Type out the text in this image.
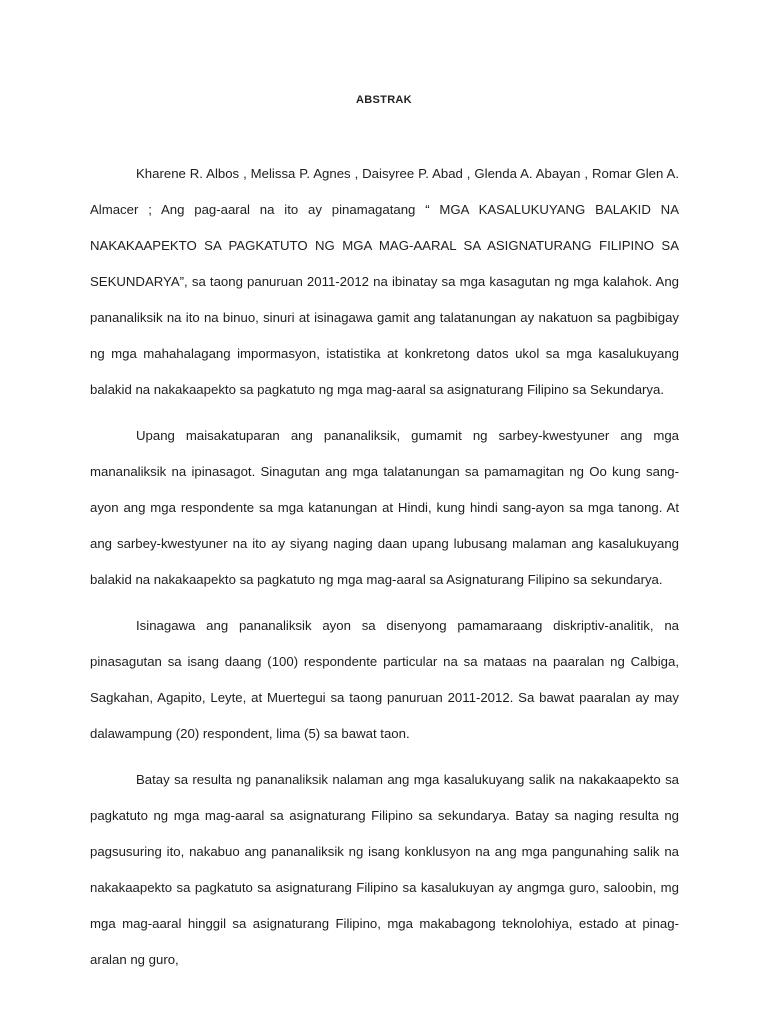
ABSTRAK

Kharene R. Albos , Melissa P. Agnes , Daisyree P. Abad , Glenda A. Abayan , Romar Glen A. Almacer ; Ang pag-aaral na ito ay pinamagatang “ MGA KASALUKUYANG BALAKID NA NAKAKAAPEKTO SA PAGKATUTO NG MGA MAG-AARAL SA ASIGNATURANG FILIPINO SA SEKUNDARYA”, sa taong panuruan 2011-2012 na ibinatay sa mga kasagutan ng mga kalahok. Ang pananaliksik na ito na binuo, sinuri at isinagawa gamit ang talatanungan ay nakatuon sa pagbibigay ng mga mahahalagang impormasyon, istatistika at konkretong datos ukol sa mga kasalukuyang balakid na nakakaapekto sa pagkatuto ng mga mag-aaral sa asignaturang Filipino sa Sekundarya.

Upang maisakatuparan ang pananaliksik, gumamit ng sarbey-kwestyuner ang mga mananaliksik na ipinasagot. Sinagutan ang mga talatanungan sa pamamagitan ng Oo kung sang-ayon ang mga respondente sa mga katanungan at Hindi, kung hindi sang-ayon sa mga tanong. At ang sarbey-kwestyuner na ito ay siyang naging daan upang lubusang malaman ang kasalukuyang balakid na nakakaapekto sa pagkatuto ng mga mag-aaral sa Asignaturang Filipino sa sekundarya.

Isinagawa ang pananaliksik ayon sa disenyong pamamaraang diskriptiv-analitik, na pinasagutan sa isang daang (100) respondente particular na sa mataas na paaralan ng Calbiga, Sagkahan, Agapito, Leyte, at Muertegui sa taong panuruan 2011-2012. Sa bawat paaralan ay may dalawampung (20) respondent, lima (5) sa bawat taon.

Batay sa resulta ng pananaliksik nalaman ang mga kasalukuyang salik na nakakaapekto sa pagkatuto ng mga mag-aaral sa asignaturang Filipino sa sekundarya. Batay sa naging resulta ng pagsusuring ito, nakabuo ang pananaliksik ng isang konklusyon na ang mga pangunahing salik na nakakaapekto sa pagkatuto sa asignaturang Filipino sa kasalukuyan ay angmga guro, saloobin, mg mga mag-aaral hinggil sa asignaturang Filipino, mga makabagong teknolohiya, estado at pinag-aralan ng guro,
